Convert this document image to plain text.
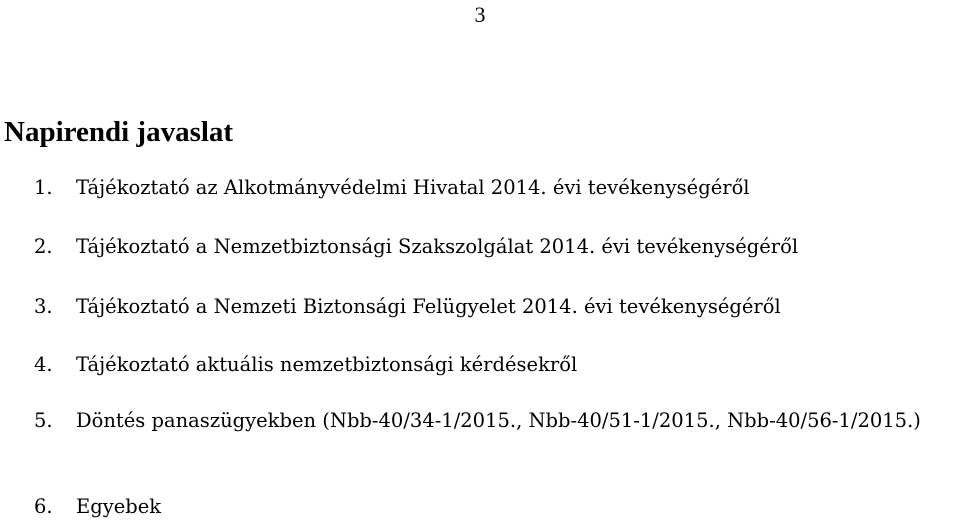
3
Napirendi javaslat
1. Tájékoztató az Alkotmányvédelmi Hivatal 2014. évi tevékenységéről
2. Tájékoztató a Nemzetbiztonsági Szakszolgálat 2014. évi tevékenységéről
3. Tájékoztató a Nemzeti Biztonsági Felügyelet 2014. évi tevékenységéről
4. Tájékoztató aktuális nemzetbiztonsági kérdésekről
5.	Döntés panaszügyekben (Nbb-40/34-1/2015., Nbb-40/51-1/2015., Nbb-40/56-1/2015.)
6. Egyebek
